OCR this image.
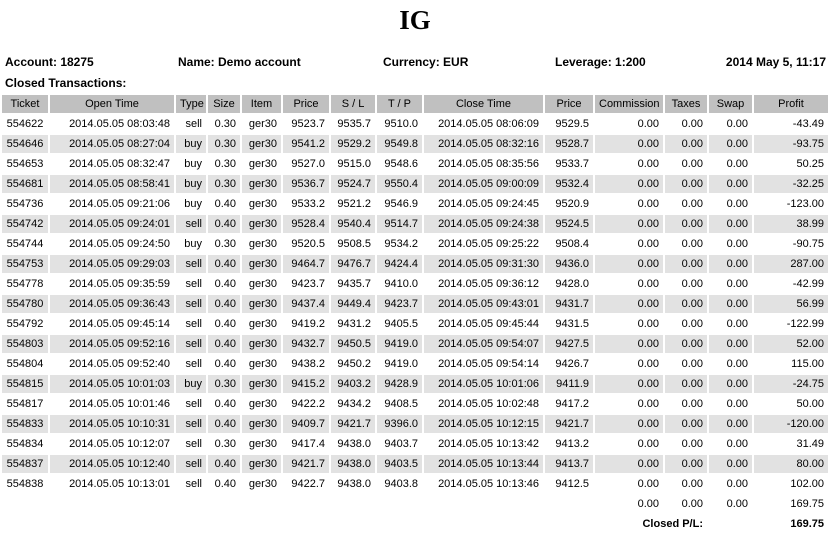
IG
Account: 18275	Name: Demo account	Currency: EUR	Leverage: 1:200	2014 May 5, 11:17
Closed Transactions:
Ticket	Open Time	Type	Size	Item	Price	S / L	T / P	Close Time	Price	Commission	Taxes	Swap	Profit
554622	2014.05.05 08:03:48	sell	0.30	ger30	9523.7	9535.7	9510.0	2014.05.05 08:06:09	9529.5	0.00	0.00	0.00	-43.49
554646	2014.05.05 08:27:04	buy	0.30	ger30	9541.2	9529.2	9549.8	2014.05.05 08:32:16	9528.7	0.00	0.00	0.00	-93.75
554653	2014.05.05 08:32:47	buy	0.30	ger30	9527.0	9515.0	9548.6	2014.05.05 08:35:56	9533.7	0.00	0.00	0.00	50.25
554681	2014.05.05 08:58:41	buy	0.30	ger30	9536.7	9524.7	9550.4	2014.05.05 09:00:09	9532.4	0.00	0.00	0.00	-32.25
554736	2014.05.05 09:21:06	buy	0.40	ger30	9533.2	9521.2	9546.9	2014.05.05 09:24:45	9520.9	0.00	0.00	0.00	-123.00
554742	2014.05.05 09:24:01	sell	0.40	ger30	9528.4	9540.4	9514.7	2014.05.05 09:24:38	9524.5	0.00	0.00	0.00	38.99
554744	2014.05.05 09:24:50	buy	0.30	ger30	9520.5	9508.5	9534.2	2014.05.05 09:25:22	9508.4	0.00	0.00	0.00	-90.75
554753	2014.05.05 09:29:03	sell	0.40	ger30	9464.7	9476.7	9424.4	2014.05.05 09:31:30	9436.0	0.00	0.00	0.00	287.00
554778	2014.05.05 09:35:59	sell	0.40	ger30	9423.7	9435.7	9410.0	2014.05.05 09:36:12	9428.0	0.00	0.00	0.00	-42.99
554780	2014.05.05 09:36:43	sell	0.40	ger30	9437.4	9449.4	9423.7	2014.05.05 09:43:01	9431.7	0.00	0.00	0.00	56.99
554792	2014.05.05 09:45:14	sell	0.40	ger30	9419.2	9431.2	9405.5	2014.05.05 09:45:44	9431.5	0.00	0.00	0.00	-122.99
554803	2014.05.05 09:52:16	sell	0.40	ger30	9432.7	9450.5	9419.0	2014.05.05 09:54:07	9427.5	0.00	0.00	0.00	52.00
554804	2014.05.05 09:52:40	sell	0.40	ger30	9438.2	9450.2	9419.0	2014.05.05 09:54:14	9426.7	0.00	0.00	0.00	115.00
554815	2014.05.05 10:01:03	buy	0.30	ger30	9415.2	9403.2	9428.9	2014.05.05 10:01:06	9411.9	0.00	0.00	0.00	-24.75
554817	2014.05.05 10:01:46	sell	0.40	ger30	9422.2	9434.2	9408.5	2014.05.05 10:02:48	9417.2	0.00	0.00	0.00	50.00
554833	2014.05.05 10:10:31	sell	0.40	ger30	9409.7	9421.7	9396.0	2014.05.05 10:12:15	9421.7	0.00	0.00	0.00	-120.00
554834	2014.05.05 10:12:07	sell	0.30	ger30	9417.4	9438.0	9403.7	2014.05.05 10:13:42	9413.2	0.00	0.00	0.00	31.49
554837	2014.05.05 10:12:40	sell	0.40	ger30	9421.7	9438.0	9403.5	2014.05.05 10:13:44	9413.7	0.00	0.00	0.00	80.00
554838	2014.05.05 10:13:01	sell	0.40	ger30	9422.7	9438.0	9403.8	2014.05.05 10:13:46	9412.5	0.00	0.00	0.00	102.00
										0.00	0.00	0.00	169.75
Closed P/L:												169.75	
